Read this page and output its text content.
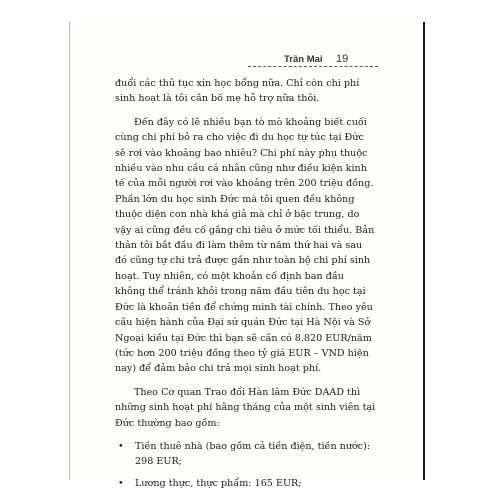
Trần Mai 19

đuổi các thủ tục xin học bổng nữa. Chỉ còn chi phí sinh hoạt là tôi cần bố mẹ hỗ trợ nữa thôi.

Đến đây có lẽ nhiều bạn tò mò khoảng biết cuối cùng chi phí bỏ ra cho việc đi du học tự túc tại Đức sẽ rơi vào khoảng bao nhiêu? Chi phí này phụ thuộc nhiều vào nhu cầu cá nhân cũng như điều kiện kinh tế của mỗi người rơi vào khoảng trên 200 triệu đồng. Phần lớn du học sinh Đức mà tôi quen đều không thuộc diện con nhà khá giả mà chỉ ở bậc trung, do vậy ai cũng đều cố gắng chi tiêu ở mức tối thiểu. Bản thân tôi bắt đầu đi làm thêm từ năm thứ hai và sau đó cũng tự chi trả được gần như toàn bộ chi phí sinh hoạt. Tuy nhiên, có một khoản cố định ban đầu không thể tránh khỏi trong năm đầu tiên du học tại Đức là khoản tiền để chứng minh tài chính. Theo yêu cầu hiện hành của Đại sứ quán Đức tại Hà Nội và Sở Ngoại kiều tại Đức thì bạn sẽ cần có 8.820 EUR/năm (tức hơn 200 triệu đồng theo tỷ giá EUR – VND hiện nay) để đảm bảo chi trả mọi sinh hoạt phí.

Theo Cơ quan Trao đổi Hàn lâm Đức DAAD thì những sinh hoạt phí hằng tháng của một sinh viên tại Đức thường bao gồm:

• Tiền thuê nhà (bao gồm cả tiền điện, tiền nước): 298 EUR;
• Lương thực, thực phẩm: 165 EUR;
